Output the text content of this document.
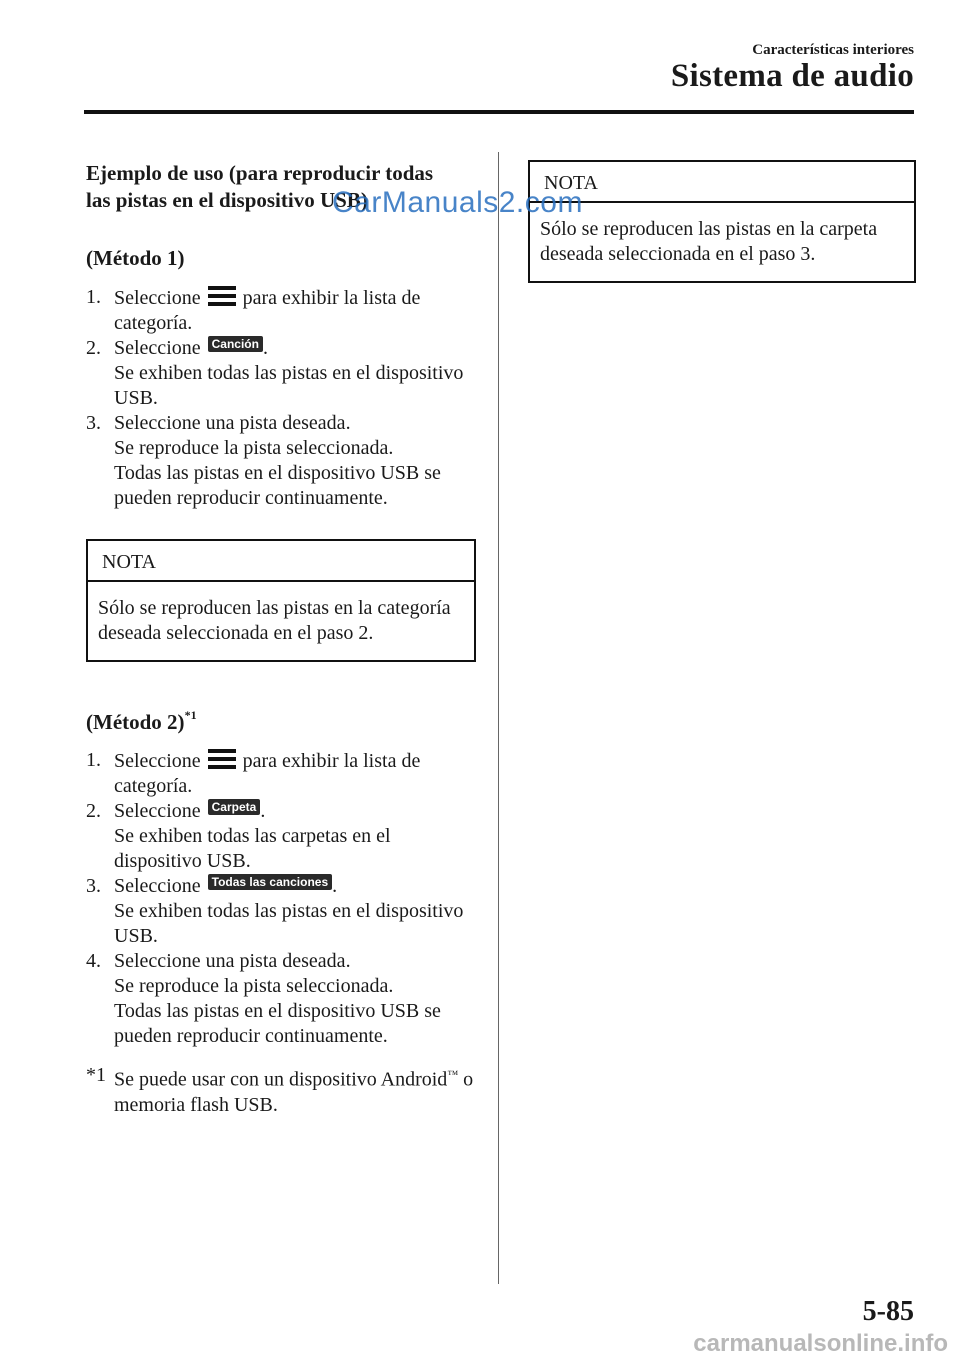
Características interiores
Sistema de audio

Ejemplo de uso (para reproducir todas
las pistas en el dispositivo USB)

(Método 1)

1. Seleccione para exhibir la lista de categoría.
2. Seleccione Canción .
Se exhiben todas las pistas en el dispositivo USB.
3. Seleccione una pista deseada.
Se reproduce la pista seleccionada.
Todas las pistas en el dispositivo USB se pueden reproducir continuamente.
NOTA
Sólo se reproducen las pistas en la categoría deseada seleccionada en el paso 2.

(Método 2)$^{*1}$

1. Seleccione para exhibir la lista de categoría.
2. Seleccione Carpeta .
Se exhiben todas las carpetas en el dispositivo USB.
3. Seleccione Todas las canciones .
Se exhiben todas las pistas en el dispositivo USB.
4. Seleccione una pista deseada.
Se reproduce la pista seleccionada.
Todas las pistas en el dispositivo USB se pueden reproducir continuamente.

*1 Se puede usar con un dispositivo Android™ o memoria flash USB.

NOTA
Sólo se reproducen las pistas en la carpeta deseada seleccionada en el paso 3.
CarManuals2.com
5-85
carmanualsonline.info
